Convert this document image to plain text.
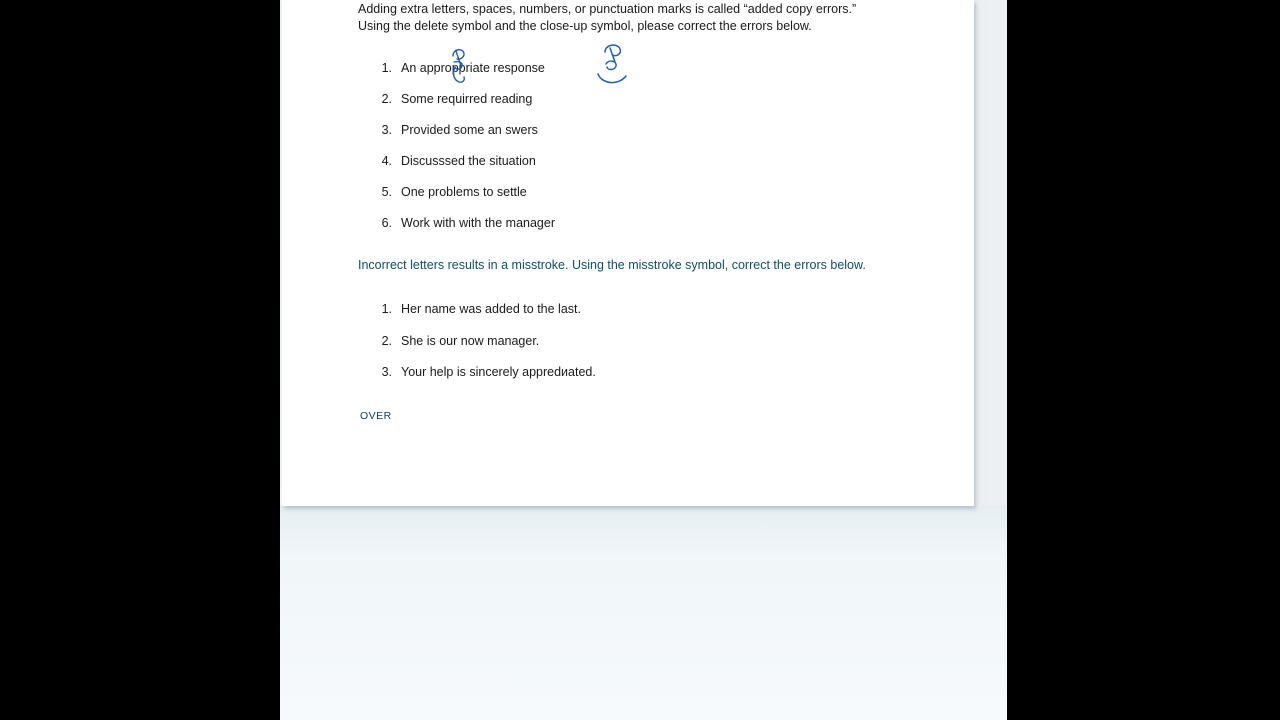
Adding extra letters, spaces, numbers, or punctuation marks is called “added copy errors.” Using the delete symbol and the close-up symbol, please correct the errors below.
1. An approppriate response
2. Some requirred reading
3. Provided some an swers
4. Discusssed the situation
5. One problems to settle
6. Work with with the manager
Incorrect letters results in a misstroke. Using the misstroke symbol, correct the errors below.
1. Her name was added to the last.
2. She is our now manager.
3. Your help is sincerely appredиated.
OVER
